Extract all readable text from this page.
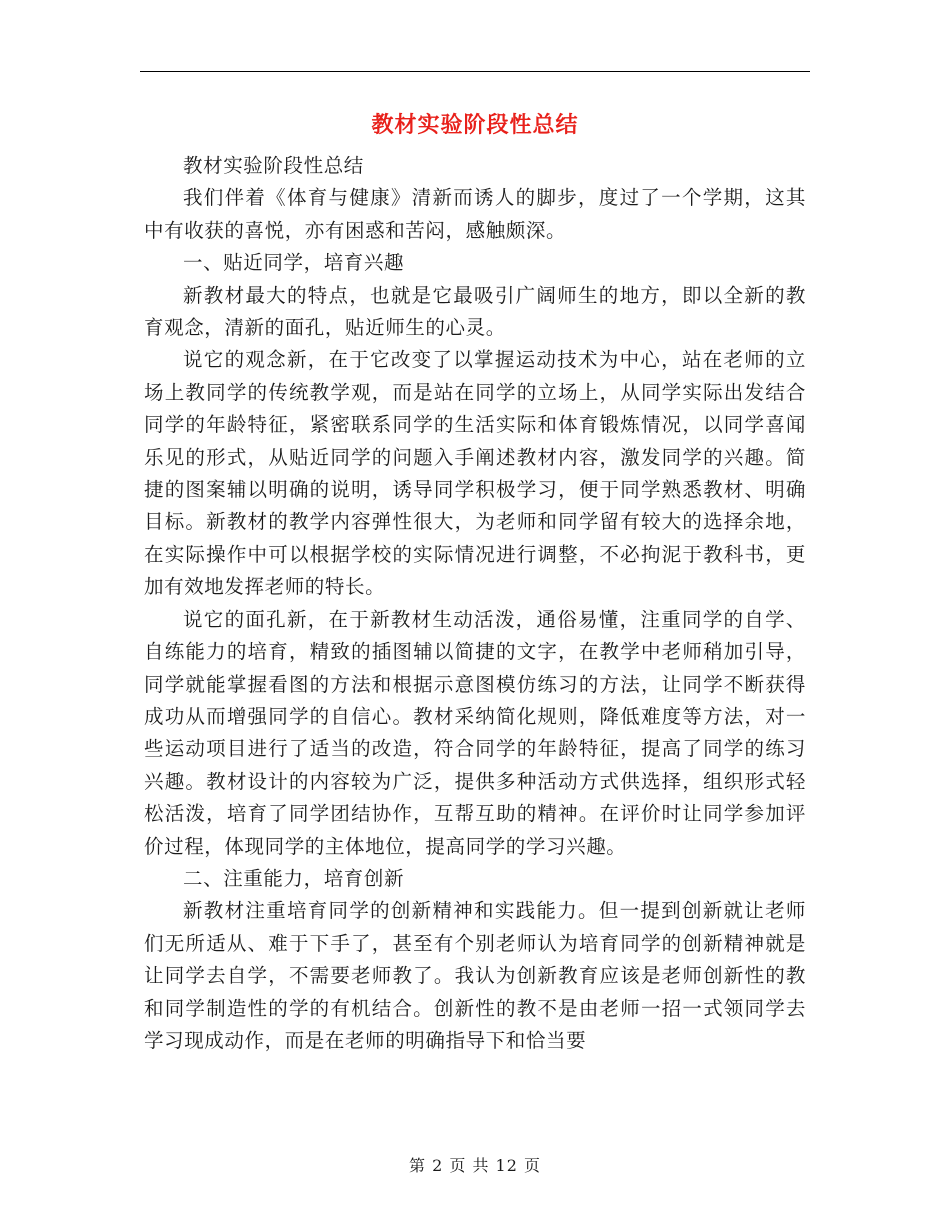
教材实验阶段性总结

教材实验阶段性总结

我们伴着《体育与健康》清新而诱人的脚步，度过了一个学期，这其中有收获的喜悦，亦有困惑和苦闷，感触颇深。

一、贴近同学，培育兴趣

新教材最大的特点，也就是它最吸引广阔师生的地方，即以全新的教育观念，清新的面孔，贴近师生的心灵。

说它的观念新，在于它改变了以掌握运动技术为中心，站在老师的立场上教同学的传统教学观，而是站在同学的立场上，从同学实际出发结合同学的年龄特征，紧密联系同学的生活实际和体育锻炼情况，以同学喜闻乐见的形式，从贴近同学的问题入手阐述教材内容，激发同学的兴趣。简捷的图案辅以明确的说明，诱导同学积极学习，便于同学熟悉教材、明确目标。新教材的教学内容弹性很大，为老师和同学留有较大的选择余地，在实际操作中可以根据学校的实际情况进行调整，不必拘泥于教科书，更加有效地发挥老师的特长。

说它的面孔新，在于新教材生动活泼，通俗易懂，注重同学的自学、自练能力的培育，精致的插图辅以简捷的文字，在教学中老师稍加引导，同学就能掌握看图的方法和根据示意图模仿练习的方法，让同学不断获得成功从而增强同学的自信心。教材采纳简化规则，降低难度等方法，对一些运动项目进行了适当的改造，符合同学的年龄特征，提高了同学的练习兴趣。教材设计的内容较为广泛，提供多种活动方式供选择，组织形式轻松活泼，培育了同学团结协作，互帮互助的精神。在评价时让同学参加评价过程，体现同学的主体地位，提高同学的学习兴趣。

二、注重能力，培育创新

新教材注重培育同学的创新精神和实践能力。但一提到创新就让老师们无所适从、难于下手了，甚至有个别老师认为培育同学的创新精神就是让同学去自学，不需要老师教了。我认为创新教育应该是老师创新性的教和同学制造性的学的有机结合。创新性的教不是由老师一招一式领同学去学习现成动作，而是在老师的明确指导下和恰当要

第 2 页 共 12 页
